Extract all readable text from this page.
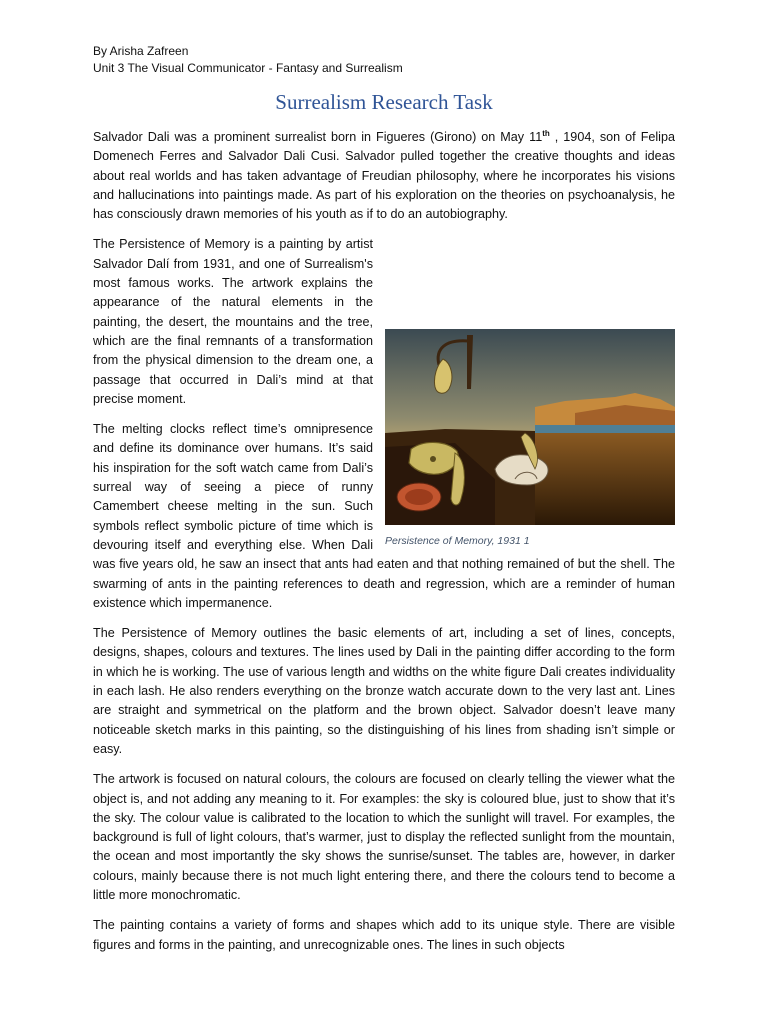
By Arisha Zafreen
Unit 3 The Visual Communicator - Fantasy and Surrealism
Surrealism Research Task

Salvador Dali was a prominent surrealist born in Figueres (Girono) on May 11th , 1904, son of Felipa Domenech Ferres and Salvador Dali Cusi. Salvador pulled together the creative thoughts and ideas about real worlds and has taken advantage of Freudian philosophy, where he incorporates his visions and hallucinations into paintings made. As part of his exploration on the theories on psychoanalysis, he has consciously drawn memories of his youth as if to do an autobiography.

Persistence of Memory, 1931 1

The Persistence of Memory is a painting by artist Salvador Dalí from 1931, and one of Surrealism's most famous works. The artwork explains the appearance of the natural elements in the painting, the desert, the mountains and the tree, which are the final remnants of a transformation from the physical dimension to the dream one, a passage that occurred in Dali’s mind at that precise moment.

The melting clocks reflect time’s omnipresence and define its dominance over humans. It’s said his inspiration for the soft watch came from Dali’s surreal way of seeing a piece of runny Camembert cheese melting in the sun. Such symbols reflect symbolic picture of time which is devouring itself and everything else. When Dali was five years old, he saw an insect that ants had eaten and that nothing remained of but the shell. The swarming of ants in the painting references to death and regression, which are a reminder of human existence which impermanence.

The Persistence of Memory outlines the basic elements of art, including a set of lines, concepts, designs, shapes, colours and textures. The lines used by Dali in the painting differ according to the form in which he is working. The use of various length and widths on the white figure Dali creates individuality in each lash. He also renders everything on the bronze watch accurate down to the very last ant. Lines are straight and symmetrical on the platform and the brown object. Salvador doesn’t leave many noticeable sketch marks in this painting, so the distinguishing of his lines from shading isn’t simple or easy.

The artwork is focused on natural colours, the colours are focused on clearly telling the viewer what the object is, and not adding any meaning to it. For examples: the sky is coloured blue, just to show that it’s the sky. The colour value is calibrated to the location to which the sunlight will travel. For examples, the background is full of light colours, that’s warmer, just to display the reflected sunlight from the mountain, the ocean and most importantly the sky shows the sunrise/sunset. The tables are, however, in darker colours, mainly because there is not much light entering there, and there the colours tend to become a little more monochromatic.

The painting contains a variety of forms and shapes which add to its unique style. There are visible figures and forms in the painting, and unrecognizable ones. The lines in such objects
